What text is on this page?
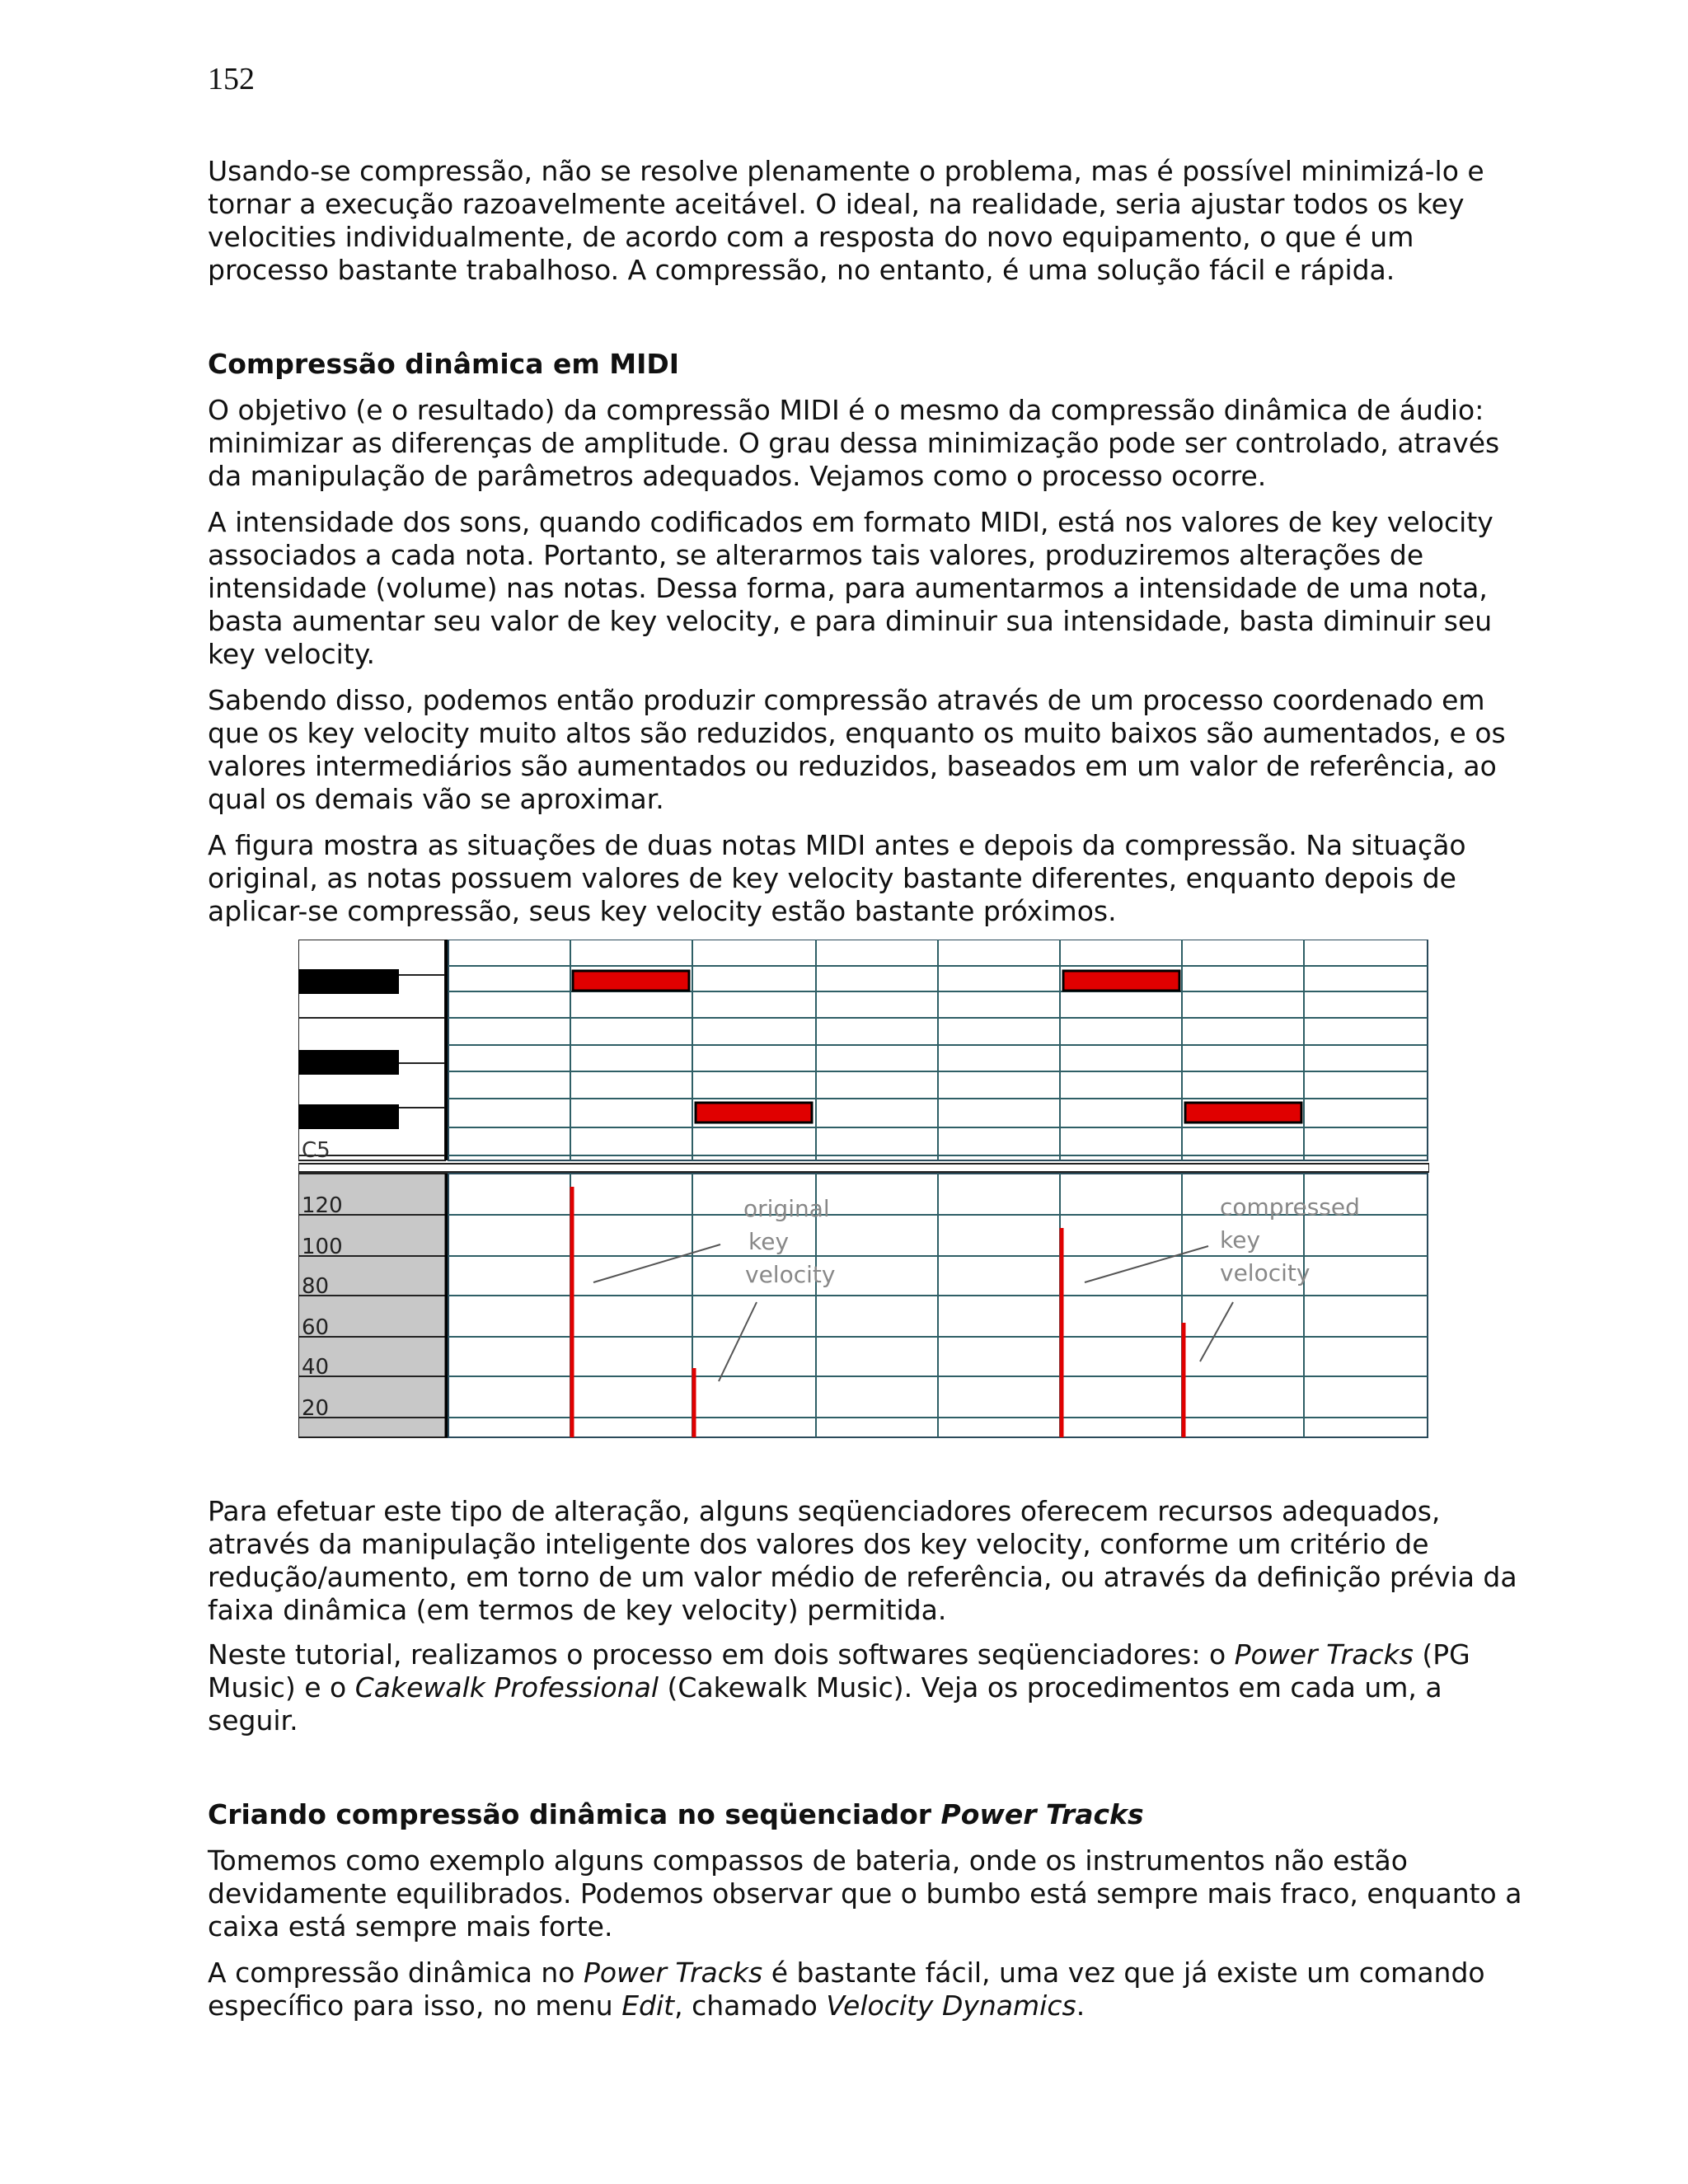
152

Usando-se compressão, não se resolve plenamente o problema, mas é possível minimizá-lo e tornar a execução razoavelmente aceitável. O ideal, na realidade, seria ajustar todos os key velocities individualmente, de acordo com a resposta do novo equipamento, o que é um processo bastante trabalhoso. A compressão, no entanto, é uma solução fácil e rápida.

Compressão dinâmica em MIDI

O objetivo (e o resultado) da compressão MIDI é o mesmo da compressão dinâmica de áudio: minimizar as diferenças de amplitude. O grau dessa minimização pode ser controlado, através da manipulação de parâmetros adequados. Vejamos como o processo ocorre.

A intensidade dos sons, quando codificados em formato MIDI, está nos valores de key velocity associados a cada nota. Portanto, se alterarmos tais valores, produziremos alterações de intensidade (volume) nas notas. Dessa forma, para aumentarmos a intensidade de uma nota, basta aumentar seu valor de key velocity, e para diminuir sua intensidade, basta diminuir seu key velocity.

Sabendo disso, podemos então produzir compressão através de um processo coordenado em que os key velocity muito altos são reduzidos, enquanto os muito baixos são aumentados, e os valores intermediários são aumentados ou reduzidos, baseados em um valor de referência, ao qual os demais vão se aproximar.

A figura mostra as situações de duas notas MIDI antes e depois da compressão. Na situação original, as notas possuem valores de key velocity bastante diferentes, enquanto depois de aplicar-se compressão, seus key velocity estão bastante próximos.

C5
120
100
80
60
40
20
original
key
velocity
compressed
key
velocity

Para efetuar este tipo de alteração, alguns seqüenciadores oferecem recursos adequados, através da manipulação inteligente dos valores dos key velocity, conforme um critério de redução/aumento, em torno de um valor médio de referência, ou através da definição prévia da faixa dinâmica (em termos de key velocity) permitida.

Neste tutorial, realizamos o processo em dois softwares seqüenciadores: o Power Tracks (PG Music) e o Cakewalk Professional (Cakewalk Music). Veja os procedimentos em cada um, a seguir.

Criando compressão dinâmica no seqüenciador Power Tracks

Tomemos como exemplo alguns compassos de bateria, onde os instrumentos não estão devidamente equilibrados. Podemos observar que o bumbo está sempre mais fraco, enquanto a caixa está sempre mais forte.

A compressão dinâmica no Power Tracks é bastante fácil, uma vez que já existe um comando específico para isso, no menu Edit, chamado Velocity Dynamics.
